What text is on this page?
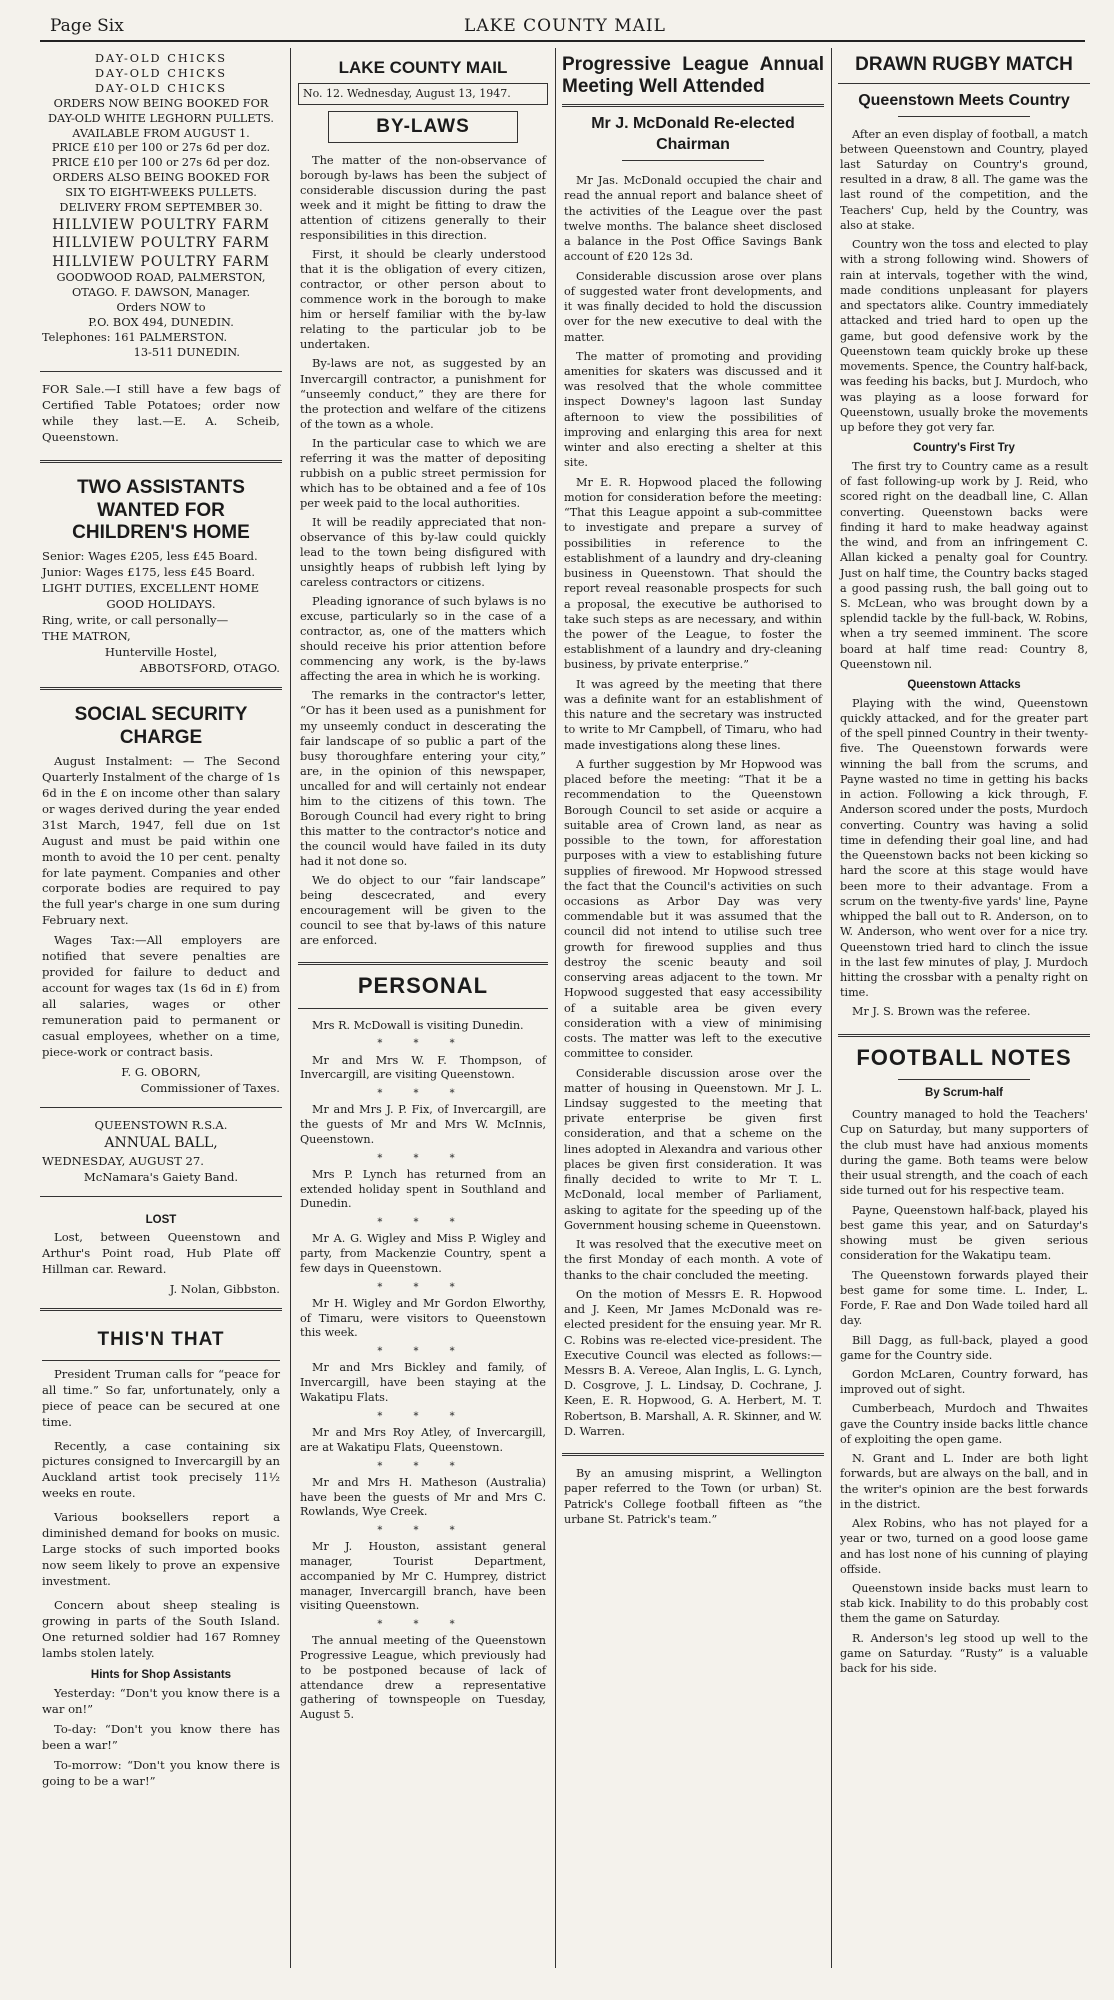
Page Six	LAKE COUNTY MAIL
DAY-OLD CHICKS
DAY-OLD CHICKS
DAY-OLD CHICKS
ORDERS NOW BEING BOOKED FOR DAY-OLD WHITE LEGHORN PULLETS.
AVAILABLE FROM AUGUST 1.
PRICE £10 per 100 or 27s 6d per doz.
PRICE £10 per 100 or 27s 6d per doz.
ORDERS ALSO BEING BOOKED FOR SIX TO EIGHT-WEEKS PULLETS.
DELIVERY FROM SEPTEMBER 30.
HILLVIEW POULTRY FARM
HILLVIEW POULTRY FARM
HILLVIEW POULTRY FARM
GOODWOOD ROAD, PALMERSTON, OTAGO. F. DAWSON, Manager.
Orders NOW to
P.O. BOX 494, DUNEDIN.
Telephones: 161 PALMERSTON.
13-511 DUNEDIN.

FOR Sale.—I still have a few bags of Certified Table Potatoes; order now while they last.—E. A. Scheib, Queenstown.

TWO ASSISTANTS WANTED FOR CHILDREN'S HOME
Senior: Wages £205, less £45 Board.
Junior: Wages £175, less £45 Board.
LIGHT DUTIES, EXCELLENT HOME
GOOD HOLIDAYS.
Ring, write, or call personally—
THE MATRON,
Hunterville Hostel,
ABBOTSFORD, OTAGO.
SOCIAL SECURITY CHARGE

August Instalment: — The Second Quarterly Instalment of the charge of 1s 6d in the £ on income other than salary or wages derived during the year ended 31st March, 1947, fell due on 1st August and must be paid within one month to avoid the 10 per cent. penalty for late payment. Companies and other corporate bodies are required to pay the full year's charge in one sum during February next.

Wages Tax:—All employers are notified that severe penalties are provided for failure to deduct and account for wages tax (1s 6d in £) from all salaries, wages or other remuneration paid to permanent or casual employees, whether on a time, piece-work or contract basis.

F. G. OBORN,
Commissioner of Taxes.
QUEENSTOWN R.S.A.
ANNUAL BALL,
WEDNESDAY, AUGUST 27.
McNamara's Gaiety Band.
LOST

Lost, between Queenstown and Arthur's Point road, Hub Plate off Hillman car. Reward.

J. Nolan, Gibbston.
THIS'N THAT

President Truman calls for “peace for all time.” So far, unfortunately, only a piece of peace can be secured at one time.

Recently, a case containing six pictures consigned to Invercargill by an Auckland artist took precisely 11½ weeks en route.

Various booksellers report a diminished demand for books on music. Large stocks of such imported books now seem likely to prove an expensive investment.

Concern about sheep stealing is growing in parts of the South Island. One returned soldier had 167 Romney lambs stolen lately.

Hints for Shop Assistants

Yesterday: “Don't you know there is a war on!”

To-day: “Don't you know there has been a war!”

To-morrow: “Don't you know there is going to be a war!”

LAKE COUNTY MAIL
No. 12. Wednesday, August 13, 1947.
BY-LAWS

The matter of the non-observance of borough by-laws has been the subject of considerable discussion during the past week and it might be fitting to draw the attention of citizens generally to their responsibilities in this direction.

First, it should be clearly understood that it is the obligation of every citizen, contractor, or other person about to commence work in the borough to make him or herself familiar with the by-law relating to the particular job to be undertaken.

By-laws are not, as suggested by an Invercargill contractor, a punishment for “unseemly conduct,” they are there for the protection and welfare of the citizens of the town as a whole.

In the particular case to which we are referring it was the matter of depositing rubbish on a public street permission for which has to be obtained and a fee of 10s per week paid to the local authorities.

It will be readily appreciated that non-observance of this by-law could quickly lead to the town being disfigured with unsightly heaps of rubbish left lying by careless contractors or citizens.

Pleading ignorance of such bylaws is no excuse, particularly so in the case of a contractor, as, one of the matters which should receive his prior attention before commencing any work, is the by-laws affecting the area in which he is working.

The remarks in the contractor's letter, “Or has it been used as a punishment for my unseemly conduct in descerating the fair landscape of so public a part of the busy thoroughfare entering your city,” are, in the opinion of this newspaper, uncalled for and will certainly not endear him to the citizens of this town. The Borough Council had every right to bring this matter to the contractor's notice and the council would have failed in its duty had it not done so.

We do object to our “fair landscape” being descecrated, and every encouragement will be given to the council to see that by-laws of this nature are enforced.

PERSONAL

Mrs R. McDowall is visiting Dunedin.

* * *

Mr and Mrs W. F. Thompson, of Invercargill, are visiting Queenstown.

* * *

Mr and Mrs J. P. Fix, of Invercargill, are the guests of Mr and Mrs W. McInnis, Queenstown.

* * *

Mrs P. Lynch has returned from an extended holiday spent in Southland and Dunedin.

* * *

Mr A. G. Wigley and Miss P. Wigley and party, from Mackenzie Country, spent a few days in Queenstown.

* * *

Mr H. Wigley and Mr Gordon Elworthy, of Timaru, were visitors to Queenstown this week.

* * *

Mr and Mrs Bickley and family, of Invercargill, have been staying at the Wakatipu Flats.

* * *

Mr and Mrs Roy Atley, of Invercargill, are at Wakatipu Flats, Queenstown.

* * *

Mr and Mrs H. Matheson (Australia) have been the guests of Mr and Mrs C. Rowlands, Wye Creek.

* * *

Mr J. Houston, assistant general manager, Tourist Department, accompanied by Mr C. Humprey, district manager, Invercargill branch, have been visiting Queenstown.

* * *

The annual meeting of the Queenstown Progressive League, which previously had to be postponed because of lack of attendance drew a representative gathering of townspeople on Tuesday, August 5.

Progressive League Annual Meeting Well Attended
Mr J. McDonald Re-elected Chairman

Mr Jas. McDonald occupied the chair and read the annual report and balance sheet of the activities of the League over the past twelve months. The balance sheet disclosed a balance in the Post Office Savings Bank account of £20 12s 3d.

Considerable discussion arose over plans of suggested water front developments, and it was finally decided to hold the discussion over for the new executive to deal with the matter.

The matter of promoting and providing amenities for skaters was discussed and it was resolved that the whole committee inspect Downey's lagoon last Sunday afternoon to view the possibilities of improving and enlarging this area for next winter and also erecting a shelter at this site.

Mr E. R. Hopwood placed the following motion for consideration before the meeting: “That this League appoint a sub-committee to investigate and prepare a survey of possibilities in reference to the establishment of a laundry and dry-cleaning business in Queenstown. That should the report reveal reasonable prospects for such a proposal, the executive be authorised to take such steps as are necessary, and within the power of the League, to foster the establishment of a laundry and dry-cleaning business, by private enterprise.”

It was agreed by the meeting that there was a definite want for an establishment of this nature and the secretary was instructed to write to Mr Campbell, of Timaru, who had made investigations along these lines.

A further suggestion by Mr Hopwood was placed before the meeting: “That it be a recommendation to the Queenstown Borough Council to set aside or acquire a suitable area of Crown land, as near as possible to the town, for afforestation purposes with a view to establishing future supplies of firewood. Mr Hopwood stressed the fact that the Council's activities on such occasions as Arbor Day was very commendable but it was assumed that the council did not intend to utilise such tree growth for firewood supplies and thus destroy the scenic beauty and soil conserving areas adjacent to the town. Mr Hopwood suggested that easy accessibility of a suitable area be given every consideration with a view of minimising costs. The matter was left to the executive committee to consider.

Considerable discussion arose over the matter of housing in Queenstown. Mr J. L. Lindsay suggested to the meeting that private enterprise be given first consideration, and that a scheme on the lines adopted in Alexandra and various other places be given first consideration. It was finally decided to write to Mr T. L. McDonald, local member of Parliament, asking to agitate for the speeding up of the Government housing scheme in Queenstown.

It was resolved that the executive meet on the first Monday of each month. A vote of thanks to the chair concluded the meeting.

On the motion of Messrs E. R. Hopwood and J. Keen, Mr James McDonald was re-elected president for the ensuing year. Mr R. C. Robins was re-elected vice-president. The Executive Council was elected as follows:—Messrs B. A. Vereoe, Alan Inglis, L. G. Lynch, D. Cosgrove, J. L. Lindsay, D. Cochrane, J. Keen, E. R. Hopwood, G. A. Herbert, M. T. Robertson, B. Marshall, A. R. Skinner, and W. D. Warren.

By an amusing misprint, a Wellington paper referred to the Town (or urban) St. Patrick's College football fifteen as “the urbane St. Patrick's team.”

DRAWN RUGBY MATCH
Queenstown Meets Country

After an even display of football, a match between Queenstown and Country, played last Saturday on Country's ground, resulted in a draw, 8 all. The game was the last round of the competition, and the Teachers' Cup, held by the Country, was also at stake.

Country won the toss and elected to play with a strong following wind. Showers of rain at intervals, together with the wind, made conditions unpleasant for players and spectators alike. Country immediately attacked and tried hard to open up the game, but good defensive work by the Queenstown team quickly broke up these movements. Spence, the Country half-back, was feeding his backs, but J. Murdoch, who was playing as a loose forward for Queenstown, usually broke the movements up before they got very far.

Country's First Try

The first try to Country came as a result of fast following-up work by J. Reid, who scored right on the deadball line, C. Allan converting. Queenstown backs were finding it hard to make headway against the wind, and from an infringement C. Allan kicked a penalty goal for Country. Just on half time, the Country backs staged a good passing rush, the ball going out to S. McLean, who was brought down by a splendid tackle by the full-back, W. Robins, when a try seemed imminent. The score board at half time read: Country 8, Queenstown nil.

Queenstown Attacks

Playing with the wind, Queenstown quickly attacked, and for the greater part of the spell pinned Country in their twenty-five. The Queenstown forwards were winning the ball from the scrums, and Payne wasted no time in getting his backs in action. Following a kick through, F. Anderson scored under the posts, Murdoch converting. Country was having a solid time in defending their goal line, and had the Queenstown backs not been kicking so hard the score at this stage would have been more to their advantage. From a scrum on the twenty-five yards' line, Payne whipped the ball out to R. Anderson, on to W. Anderson, who went over for a nice try. Queenstown tried hard to clinch the issue in the last few minutes of play, J. Murdoch hitting the crossbar with a penalty right on time.

Mr J. S. Brown was the referee.

FOOTBALL NOTES
By Scrum-half

Country managed to hold the Teachers' Cup on Saturday, but many supporters of the club must have had anxious moments during the game. Both teams were below their usual strength, and the coach of each side turned out for his respective team.

Payne, Queenstown half-back, played his best game this year, and on Saturday's showing must be given serious consideration for the Wakatipu team.

The Queenstown forwards played their best game for some time. L. Inder, L. Forde, F. Rae and Don Wade toiled hard all day.

Bill Dagg, as full-back, played a good game for the Country side.

Gordon McLaren, Country forward, has improved out of sight.

Cumberbeach, Murdoch and Thwaites gave the Country inside backs little chance of exploiting the open game.

N. Grant and L. Inder are both light forwards, but are always on the ball, and in the writer's opinion are the best forwards in the district.

Alex Robins, who has not played for a year or two, turned on a good loose game and has lost none of his cunning of playing offside.

Queenstown inside backs must learn to stab kick. Inability to do this probably cost them the game on Saturday.

R. Anderson's leg stood up well to the game on Saturday. “Rusty” is a valuable back for his side.
